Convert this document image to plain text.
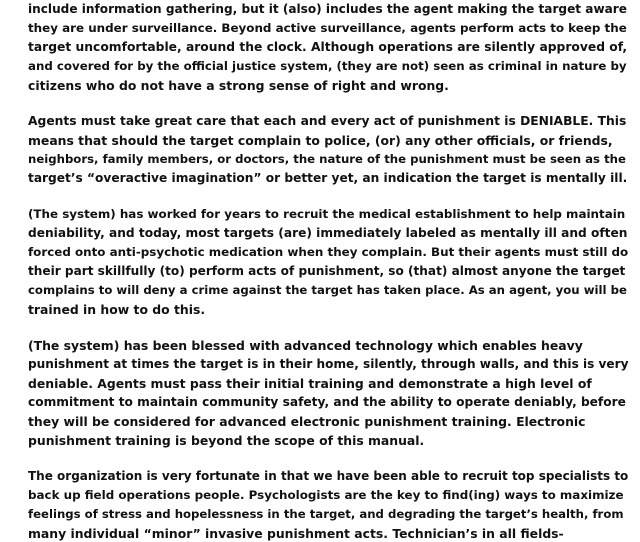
include information gathering, but it (also) includes the agent making the target aware
they are under surveillance. Beyond active surveillance, agents perform acts to keep the
target uncomfortable, around the clock. Although operations are silently approved of,
and covered for by the official justice system, (they are not) seen as criminal in nature by
citizens who do not have a strong sense of right and wrong.
Agents must take great care that each and every act of punishment is DENIABLE. This
means that should the target complain to police, (or) any other officials, or friends,
neighbors, family members, or doctors, the nature of the punishment must be seen as the
target’s “overactive imagination” or better yet, an indication the target is mentally ill.
(The system) has worked for years to recruit the medical establishment to help maintain
deniability, and today, most targets (are) immediately labeled as mentally ill and often
forced onto anti-psychotic medication when they complain. But their agents must still do
their part skillfully (to) perform acts of punishment, so (that) almost anyone the target
complains to will deny a crime against the target has taken place. As an agent, you will be
trained in how to do this.
(The system) has been blessed with advanced technology which enables heavy
punishment at times the target is in their home, silently, through walls, and this is very
deniable. Agents must pass their initial training and demonstrate a high level of
commitment to maintain community safety, and the ability to operate deniably, before
they will be considered for advanced electronic punishment training. Electronic
punishment training is beyond the scope of this manual.
The organization is very fortunate in that we have been able to recruit top specialists to
back up field operations people. Psychologists are the key to find(ing) ways to maximize
feelings of stress and hopelessness in the target, and degrading the target’s health, from
many individual “minor” invasive punishment acts. Technician’s in all fields-
